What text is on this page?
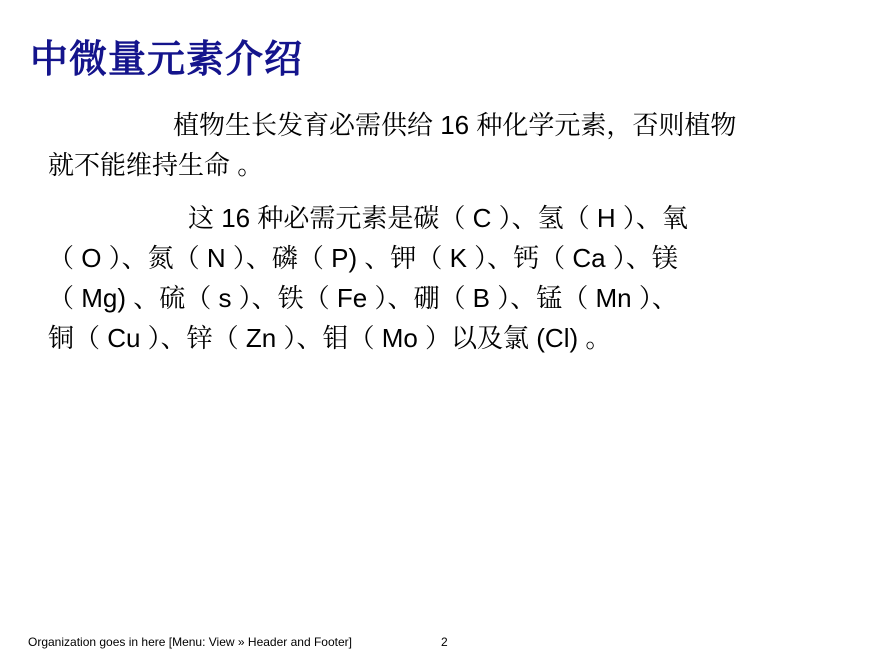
中微量元素介绍
植物生长发育必需供给 16 种化学元素，否则植物
就不能维持生命 。
这 16 种必需元素是碳（ C ）、氢（ H ）、氧
（ O ）、氮（ N ）、磷（ P) 、钾（ K ）、钙（ Ca ）、镁
（ Mg) 、硫（ s ）、铁（ Fe ）、硼（ B ）、锰（ Mn ）、
铜（ Cu ）、锌（ Zn ）、钼（ Mo ）以及氯 (Cl) 。
Organization goes in here [Menu: View » Header and Footer]	2
